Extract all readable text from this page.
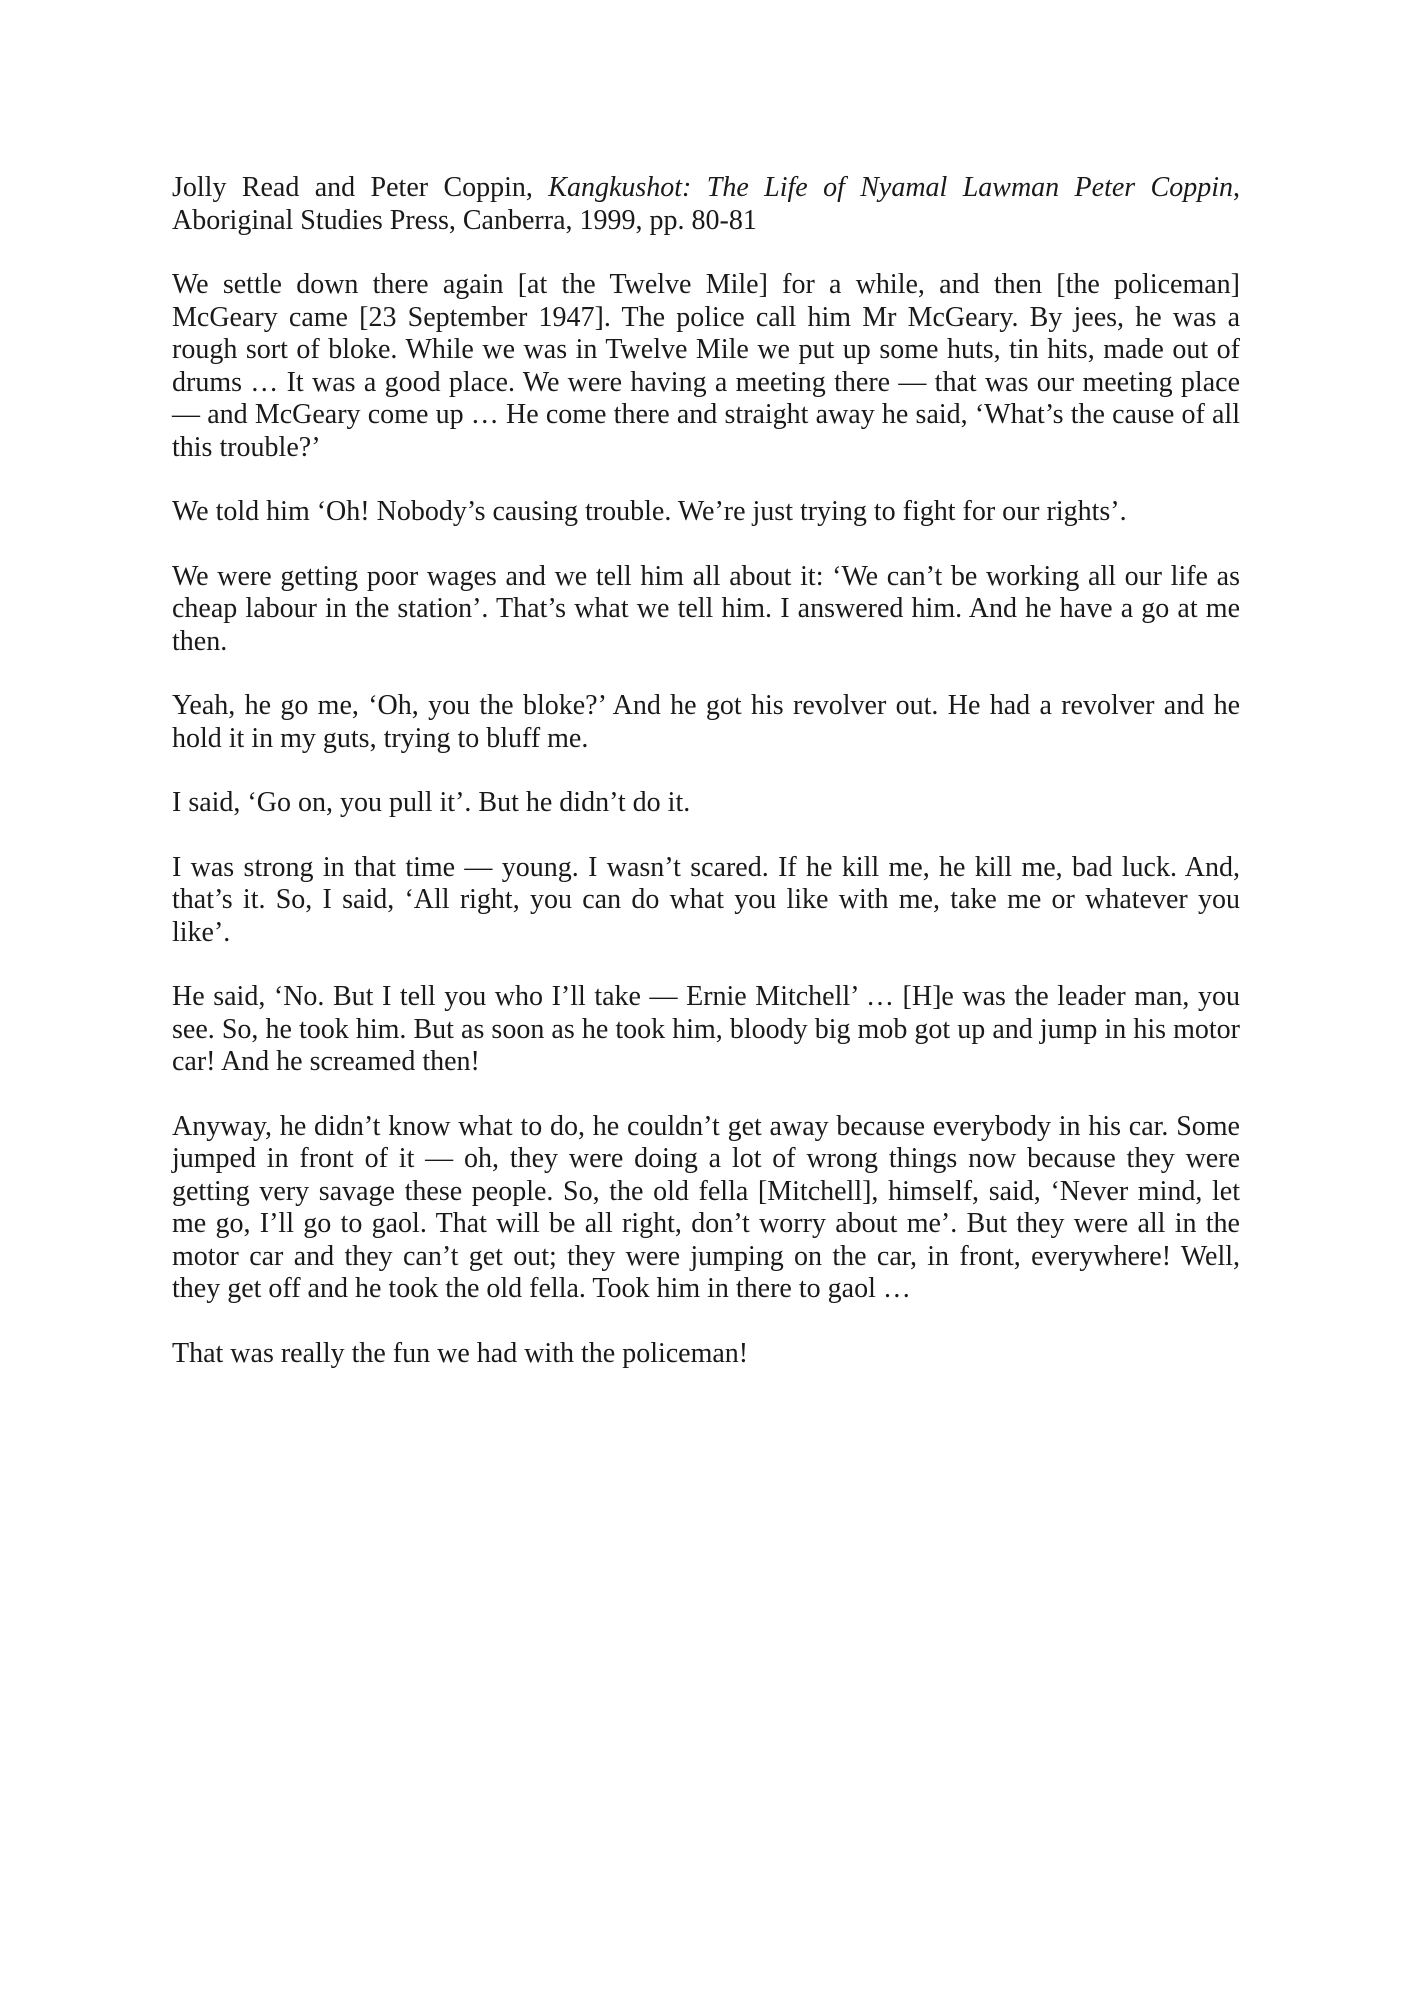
Jolly Read and Peter Coppin, Kangkushot: The Life of Nyamal Lawman Peter Coppin, Aboriginal Studies Press, Canberra, 1999, pp. 80-81

We settle down there again [at the Twelve Mile] for a while, and then [the policeman] McGeary came [23 September 1947]. The police call him Mr McGeary. By jees, he was a rough sort of bloke. While we was in Twelve Mile we put up some huts, tin hits, made out of drums … It was a good place. We were having a meeting there — that was our meeting place — and McGeary come up … He come there and straight away he said, ‘What’s the cause of all this trouble?’

We told him ‘Oh! Nobody’s causing trouble. We’re just trying to fight for our rights’.

We were getting poor wages and we tell him all about it: ‘We can’t be working all our life as cheap labour in the station’. That’s what we tell him. I answered him. And he have a go at me then.

Yeah, he go me, ‘Oh, you the bloke?’ And he got his revolver out. He had a revolver and he hold it in my guts, trying to bluff me.

I said, ‘Go on, you pull it’. But he didn’t do it.

I was strong in that time — young. I wasn’t scared. If he kill me, he kill me, bad luck. And, that’s it. So, I said, ‘All right, you can do what you like with me, take me or whatever you like’.

He said, ‘No. But I tell you who I’ll take — Ernie Mitchell’ … [H]e was the leader man, you see. So, he took him. But as soon as he took him, bloody big mob got up and jump in his motor car! And he screamed then!

Anyway, he didn’t know what to do, he couldn’t get away because everybody in his car. Some jumped in front of it — oh, they were doing a lot of wrong things now because they were getting very savage these people. So, the old fella [Mitchell], himself, said, ‘Never mind, let me go, I’ll go to gaol. That will be all right, don’t worry about me’. But they were all in the motor car and they can’t get out; they were jumping on the car, in front, everywhere! Well, they get off and he took the old fella. Took him in there to gaol …

That was really the fun we had with the policeman!
